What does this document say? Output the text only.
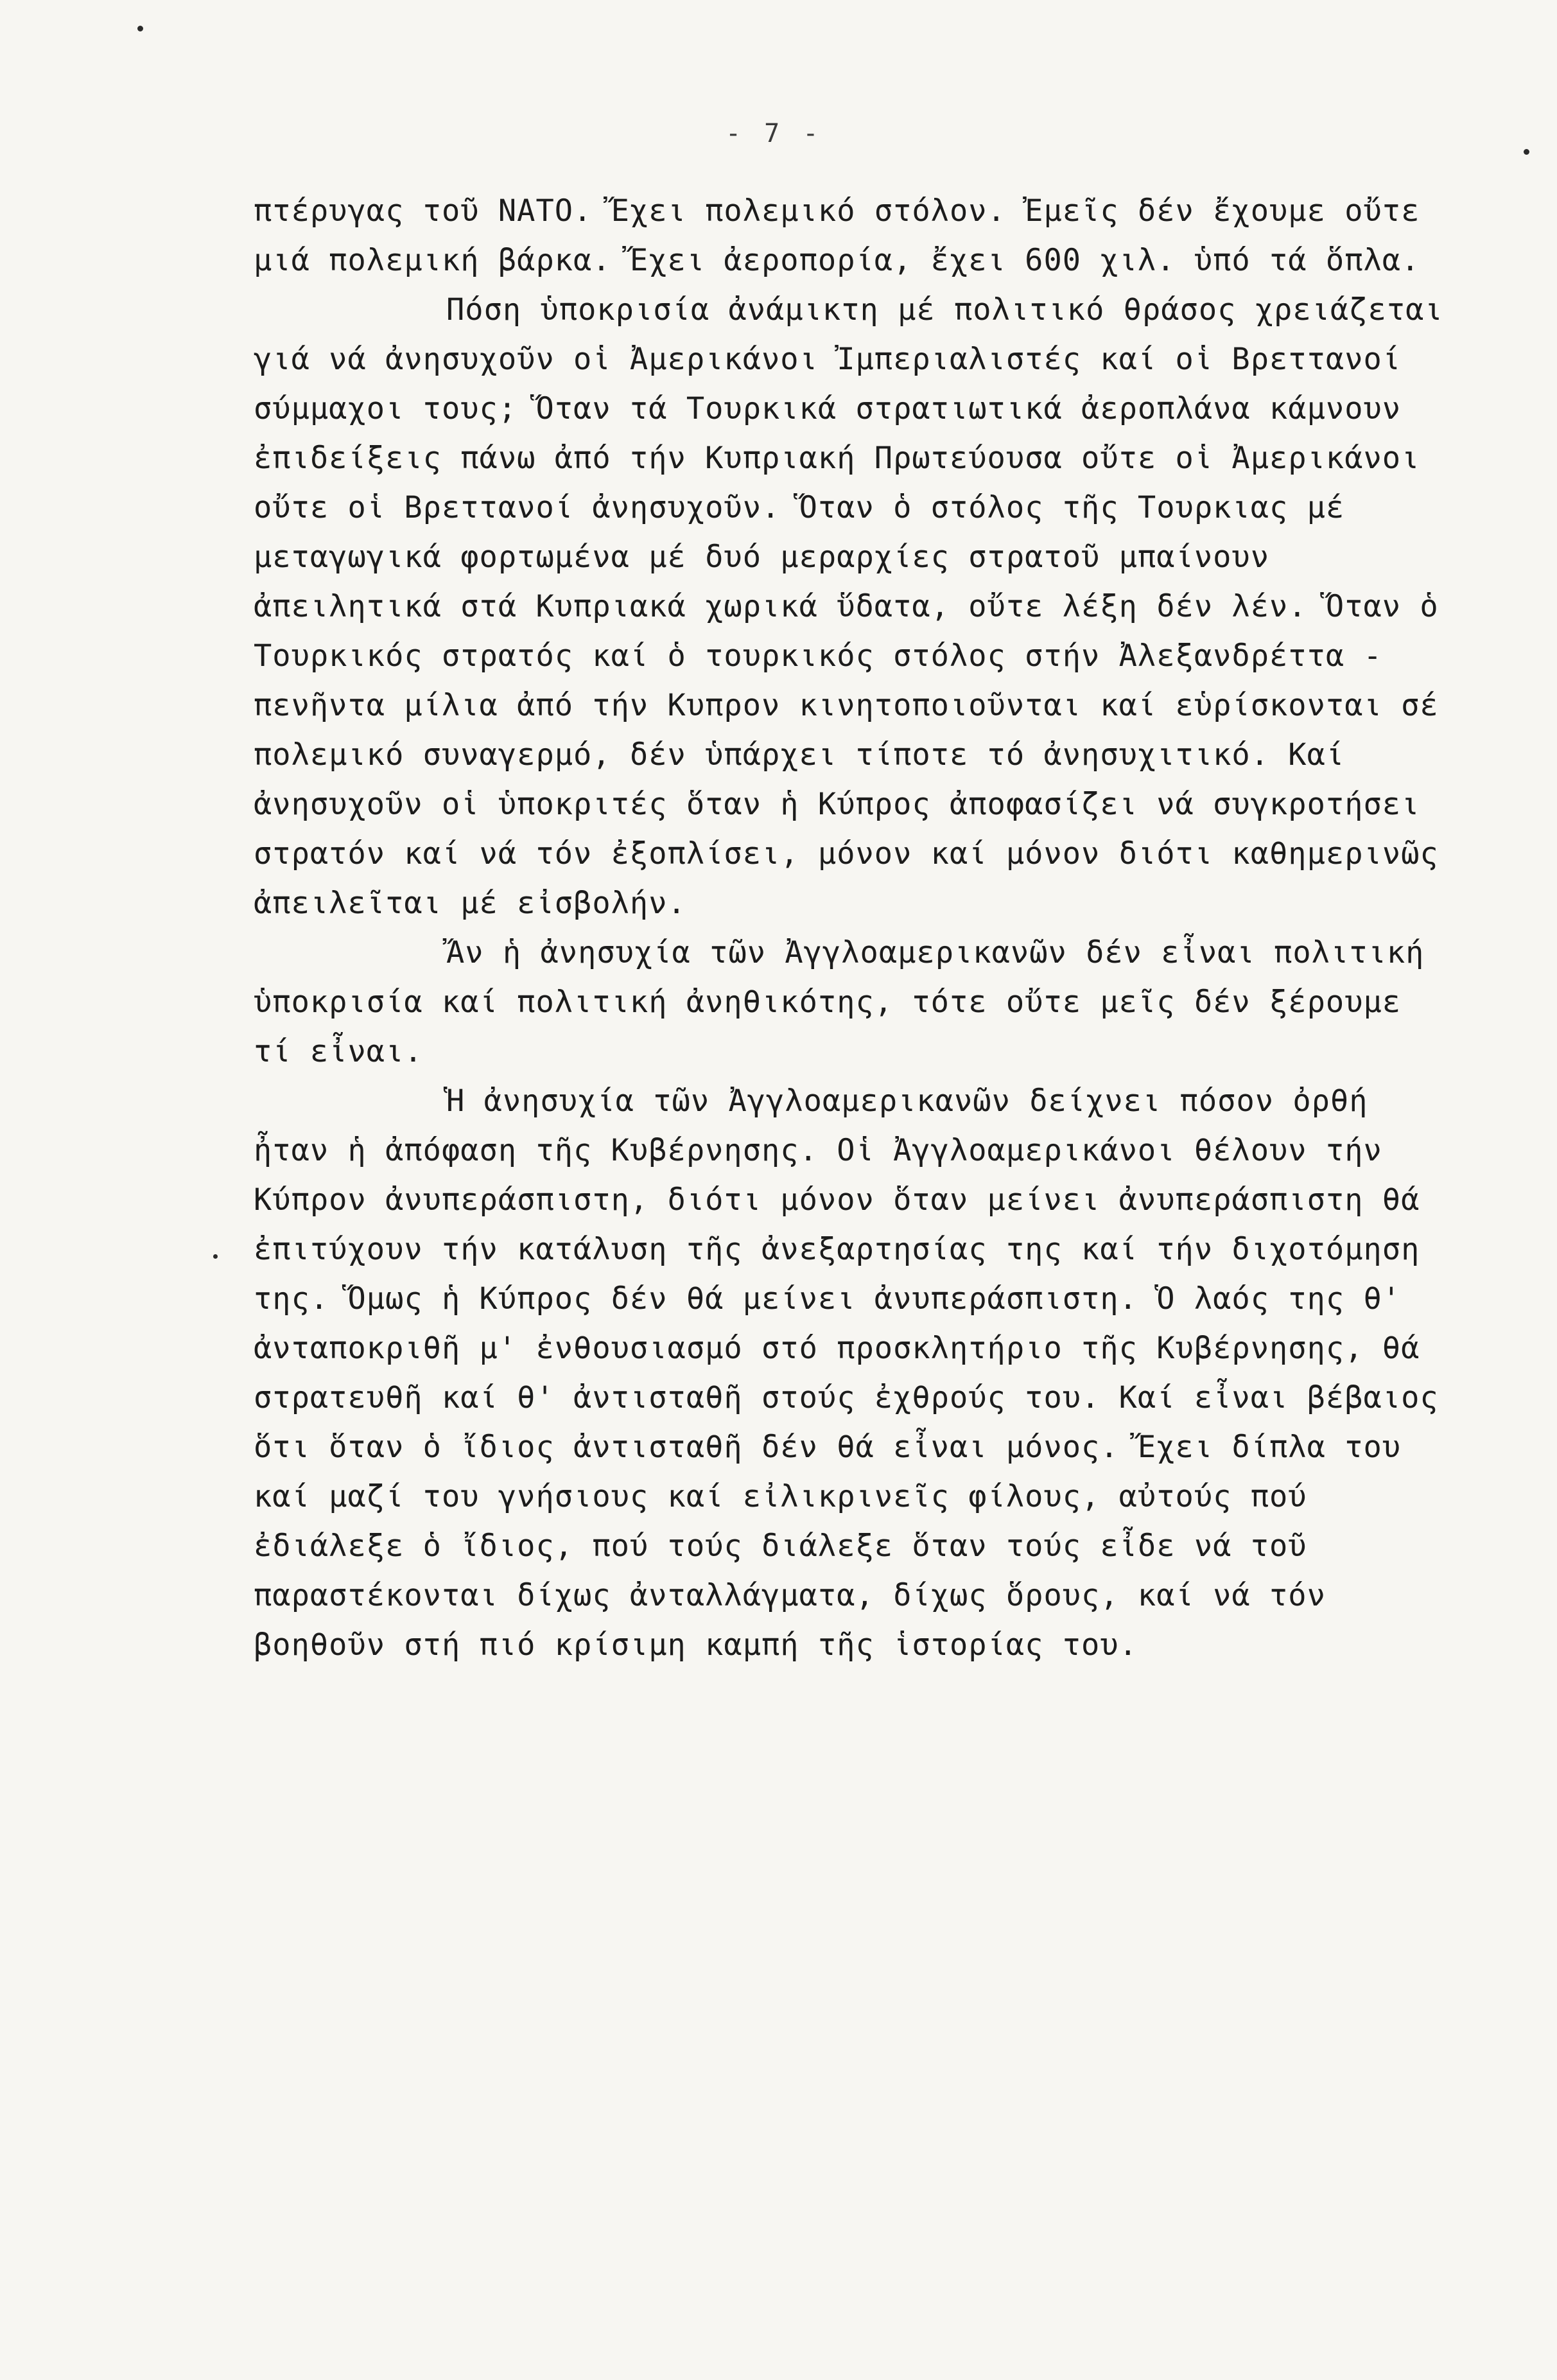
- 7 -

πτέρυγας τοῦ ΝΑΤΟ. Ἔχει πολεμικό στόλον. Ἐμεῖς δέν ἔχουμε οὔτε μιά πολεμική βάρκα. Ἔχει ἀεροπορία, ἔχει 600 χιλ. ὑπό τά ὅπλα.

Πόση ὑποκρισία ἀνάμικτη μέ πολιτικό θράσος χρειάζεται γιά νά ἀνησυχοῦν οἱ Ἀμερικάνοι Ἰμπεριαλιστές καί οἱ Βρεττανοί σύμμαχοι τους; Ὅταν τά Τουρκικά στρατιωτικά ἀεροπλάνα κάμνουν ἐπιδείξεις πάνω ἀπό τήν Κυπριακή Πρωτεύουσα οὔτε οἱ Ἀμερικάνοι οὔτε οἱ Βρεττανοί ἀνησυχοῦν. Ὅταν ὁ στόλος τῆς Τουρκιας μέ μεταγωγικά φορτωμένα μέ δυό μεραρχίες στρατοῦ μπαίνουν ἀπειλητικά στά Κυπριακά χωρικά ὕδατα, οὔτε λέξη δέν λέν. Ὅταν ὁ Τουρκικός στρατός καί ὁ τουρκικός στόλος στήν Ἀλεξανδρέττα - πενῆντα μίλια ἀπό τήν Κυπρον κινητοποιοῦνται καί εὑρίσκονται σέ πολεμικό συναγερμό, δέν ὑπάρχει τίποτε τό ἀνησυχιτικό. Καί ἀνησυχοῦν οἱ ὑποκριτές ὅταν ἡ Κύπρος ἀποφασίζει νά συγκροτήσει στρατόν καί νά τόν ἐξοπλίσει, μόνον καί μόνον διότι καθημερινῶς ἀπειλεῖται μέ εἰσβολήν.

Ἄν ἡ ἀνησυχία τῶν Ἀγγλοαμερικανῶν δέν εἶναι πολιτική ὑποκρισία καί πολιτική ἀνηθικότης, τότε οὔτε μεῖς δέν ξέρουμε τί εἶναι.

Ἡ ἀνησυχία τῶν Ἀγγλοαμερικανῶν δείχνει πόσον ὀρθή ἦταν ἡ ἀπόφαση τῆς Κυβέρνησης. Οἱ Ἀγγλοαμερικάνοι θέλουν τήν Κύπρον ἀνυπεράσπιστη, διότι μόνον ὅταν μείνει ἀνυπεράσπιστη θά ἐπιτύχουν τήν κατάλυση τῆς ἀνεξαρτησίας της καί τήν διχοτόμηση της. Ὅμως ἡ Κύπρος δέν θά μείνει ἀνυπεράσπιστη. Ὁ λαός της θ' ἀνταποκριθῆ μ' ἐνθουσιασμό στό προσκλητήριο τῆς Κυβέρνησης, θά στρατευθῆ καί θ' ἀντισταθῆ στούς ἐχθρούς του. Καί εἶναι βέβαιος ὅτι ὅταν ὁ ἴδιος ἀντισταθῆ δέν θά εἶναι μόνος. Ἔχει δίπλα του καί μαζί του γνήσιους καί εἰλικρινεῖς φίλους, αὐτούς πού ἐδιάλεξε ὁ ἴδιος, πού τούς διάλεξε ὅταν τούς εἶδε νά τοῦ παραστέκονται δίχως ἀνταλλάγματα, δίχως ὅρους, καί νά τόν βοηθοῦν στή πιό κρίσιμη καμπή τῆς ἱστορίας του.
